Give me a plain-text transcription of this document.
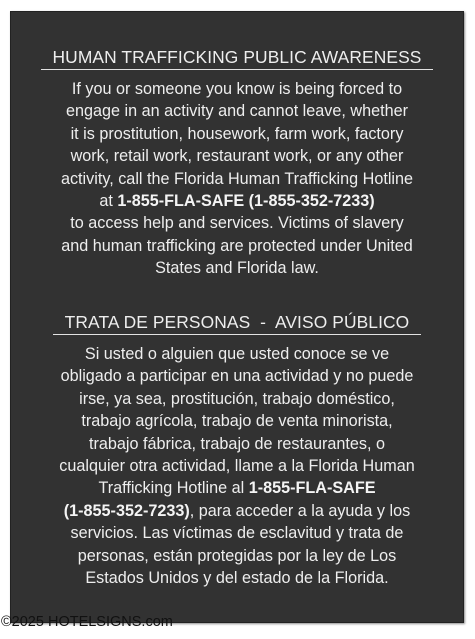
HUMAN TRAFFICKING PUBLIC AWARENESS
If you or someone you know is being forced to
engage in an activity and cannot leave, whether
it is prostitution, housework, farm work, factory
work, retail work, restaurant work, or any other
activity, call the Florida Human Trafficking Hotline
at 1-855-FLA-SAFE (1-855-352-7233)
to access help and services. Victims of slavery
and human trafficking are protected under United
States and Florida law.
TRATA DE PERSONAS  -  AVISO PÚBLICO
Si usted o alguien que usted conoce se ve
obligado a participar en una actividad y no puede
irse, ya sea, prostitución, trabajo doméstico,
trabajo agrícola, trabajo de venta minorista,
trabajo fábrica, trabajo de restaurantes, o
cualquier otra actividad, llame a la Florida Human
Trafficking Hotline al 1-855-FLA-SAFE
(1-855-352-7233), para acceder a la ayuda y los
servicios. Las víctimas de esclavitud y trata de
personas, están protegidas por la ley de Los
Estados Unidos y del estado de la Florida.
©2025 HOTELSIGNS.com
